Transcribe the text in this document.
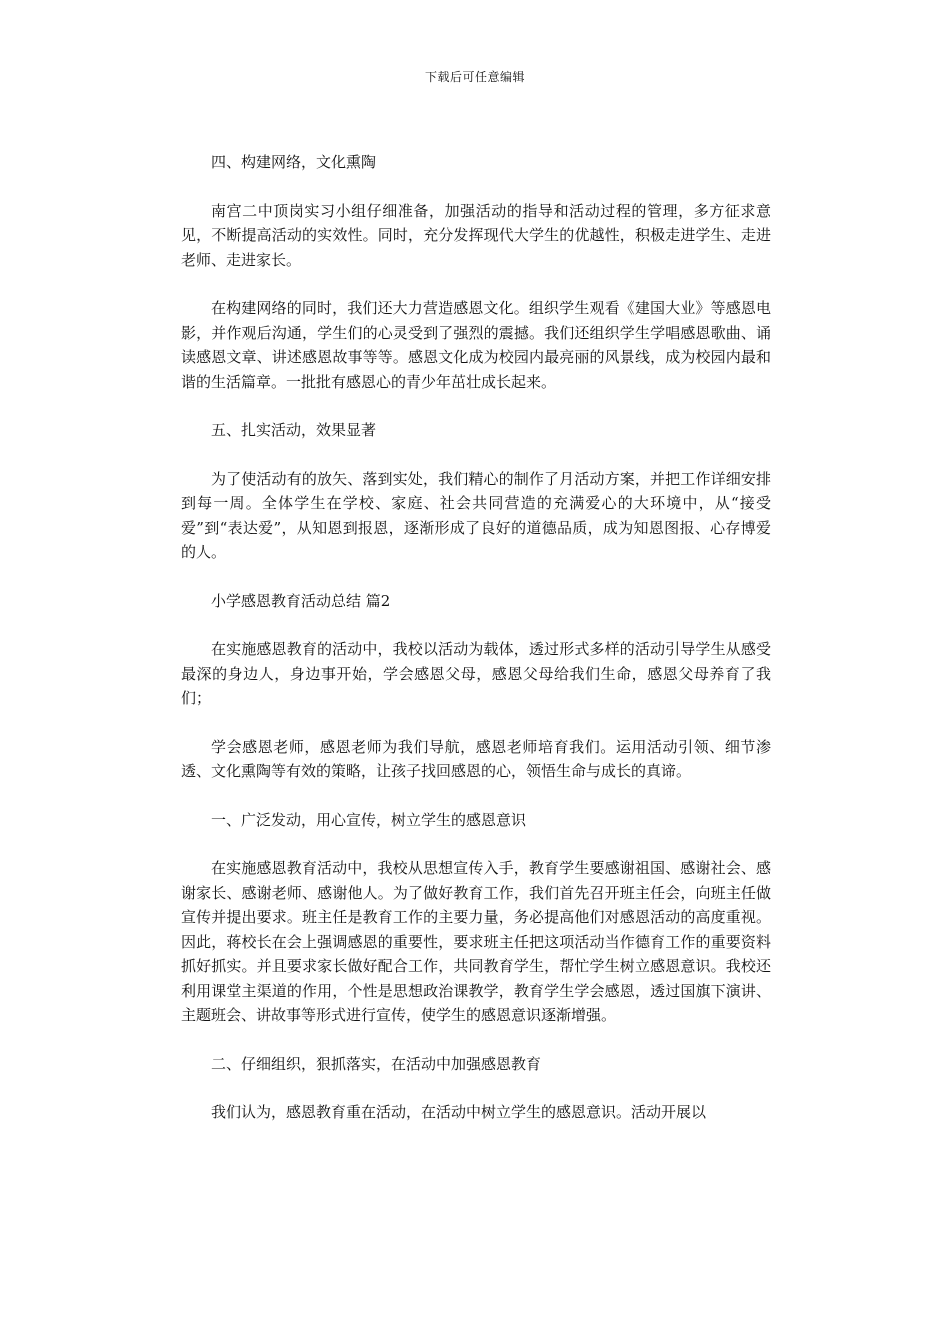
下载后可任意编辑

四、构建网络，文化熏陶

南宫二中顶岗实习小组仔细准备，加强活动的指导和活动过程的管理，多方征求意见，不断提高活动的实效性。同时，充分发挥现代大学生的优越性，积极走进学生、走进老师、走进家长。

在构建网络的同时，我们还大力营造感恩文化。组织学生观看《建国大业》等感恩电影，并作观后沟通，学生们的心灵受到了强烈的震撼。我们还组织学生学唱感恩歌曲、诵读感恩文章、讲述感恩故事等等。感恩文化成为校园内最亮丽的风景线，成为校园内最和谐的生活篇章。一批批有感恩心的青少年茁壮成长起来。

五、扎实活动，效果显著

为了使活动有的放矢、落到实处，我们精心的制作了月活动方案，并把工作详细安排到每一周。全体学生在学校、家庭、社会共同营造的充满爱心的大环境中，从“接受爱”到“表达爱”，从知恩到报恩，逐渐形成了良好的道德品质，成为知恩图报、心存博爱的人。

小学感恩教育活动总结 篇2

在实施感恩教育的活动中，我校以活动为载体，透过形式多样的活动引导学生从感受最深的身边人，身边事开始，学会感恩父母，感恩父母给我们生命，感恩父母养育了我们；

学会感恩老师，感恩老师为我们导航，感恩老师培育我们。运用活动引领、细节渗透、文化熏陶等有效的策略，让孩子找回感恩的心，领悟生命与成长的真谛。

一、广泛发动，用心宣传，树立学生的感恩意识

在实施感恩教育活动中，我校从思想宣传入手，教育学生要感谢祖国、感谢社会、感谢家长、感谢老师、感谢他人。为了做好教育工作，我们首先召开班主任会，向班主任做宣传并提出要求。班主任是教育工作的主要力量，务必提高他们对感恩活动的高度重视。因此，蒋校长在会上强调感恩的重要性，要求班主任把这项活动当作德育工作的重要资料抓好抓实。并且要求家长做好配合工作，共同教育学生，帮忙学生树立感恩意识。我校还利用课堂主渠道的作用，个性是思想政治课教学，教育学生学会感恩，透过国旗下演讲、主题班会、讲故事等形式进行宣传，使学生的感恩意识逐渐增强。

二、仔细组织，狠抓落实，在活动中加强感恩教育

我们认为，感恩教育重在活动，在活动中树立学生的感恩意识。活动开展以
